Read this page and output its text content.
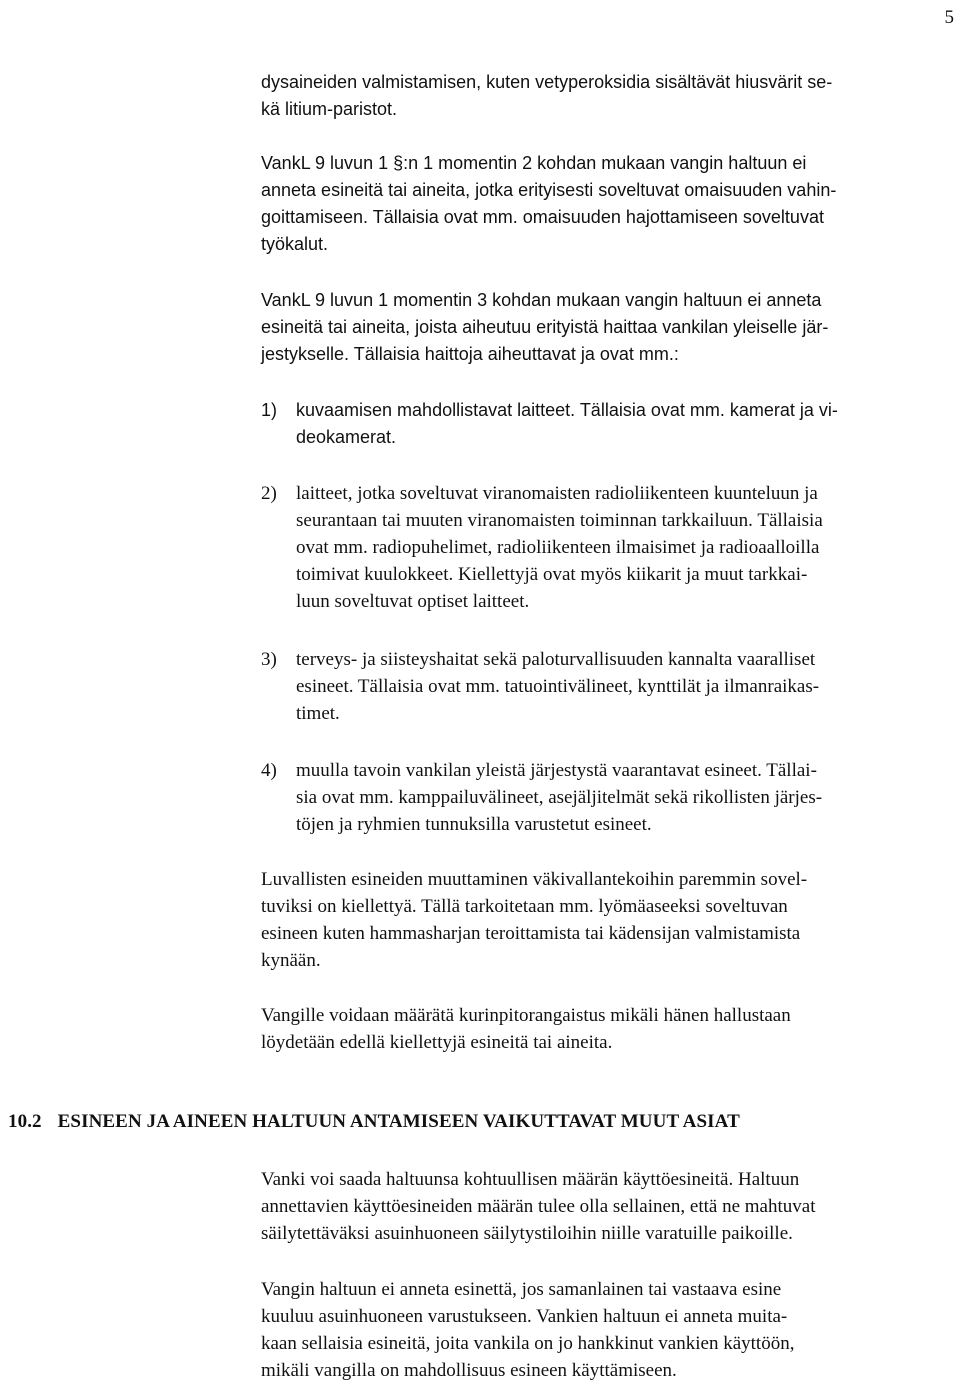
5
dysaineiden valmistamisen, kuten vetyperoksidia sisältävät hiusvärit se-
kä litium-paristot.
VankL 9 luvun 1 §:n 1 momentin 2 kohdan mukaan vangin haltuun ei
anneta esineitä tai aineita, jotka erityisesti soveltuvat omaisuuden vahin-
goittamiseen. Tällaisia ovat mm. omaisuuden hajottamiseen soveltuvat
työkalut.
VankL 9 luvun 1 momentin 3 kohdan mukaan vangin haltuun ei anneta
esineitä tai aineita, joista aiheutuu erityistä haittaa vankilan yleiselle jär-
jestykselle. Tällaisia haittoja aiheuttavat ja ovat mm.:
1) kuvaamisen mahdollistavat laitteet. Tällaisia ovat mm. kamerat ja vi-
deokamerat.
2) laitteet, jotka soveltuvat viranomaisten radioliikenteen kuunteluun ja
seurantaan tai muuten viranomaisten toiminnan tarkkailuun. Tällaisia
ovat mm. radiopuhelimet, radioliikenteen ilmaisimet ja radioaalloilla
toimivat kuulokkeet. Kiellettyjä ovat myös kiikarit ja muut tarkkai-
luun soveltuvat optiset laitteet.
3) terveys- ja siisteyshaitat sekä paloturvallisuuden kannalta vaaralliset
esineet. Tällaisia ovat mm. tatuointivälineet, kynttilät ja ilmanraikas-
timet.
4) muulla tavoin vankilan yleistä järjestystä vaarantavat esineet. Tällai-
sia ovat mm. kamppailuvälineet, asejäljitelmät sekä rikollisten järjes-
töjen ja ryhmien tunnuksilla varustetut esineet.
Luvallisten esineiden muuttaminen väkivallantekoihin paremmin sovel-
tuviksi on kiellettyä. Tällä tarkoitetaan mm. lyömäaseeksi soveltuvan
esineen kuten hammasharjan teroittamista tai kädensijan valmistamista
kynään.
Vangille voidaan määrätä kurinpitorangaistus mikäli hänen hallustaan
löydetään edellä kiellettyjä esineitä tai aineita.
10.2 ESINEEN JA AINEEN HALTUUN ANTAMISEEN VAIKUTTAVAT MUUT ASIAT
Vanki voi saada haltuunsa kohtuullisen määrän käyttöesineitä. Haltuun
annettavien käyttöesineiden määrän tulee olla sellainen, että ne mahtuvat
säilytettäväksi asuinhuoneen säilytystiloihin niille varatuille paikoille.
Vangin haltuun ei anneta esinettä, jos samanlainen tai vastaava esine
kuuluu asuinhuoneen varustukseen. Vankien haltuun ei anneta muita-
kaan sellaisia esineitä, joita vankila on jo hankkinut vankien käyttöön,
mikäli vangilla on mahdollisuus esineen käyttämiseen.
